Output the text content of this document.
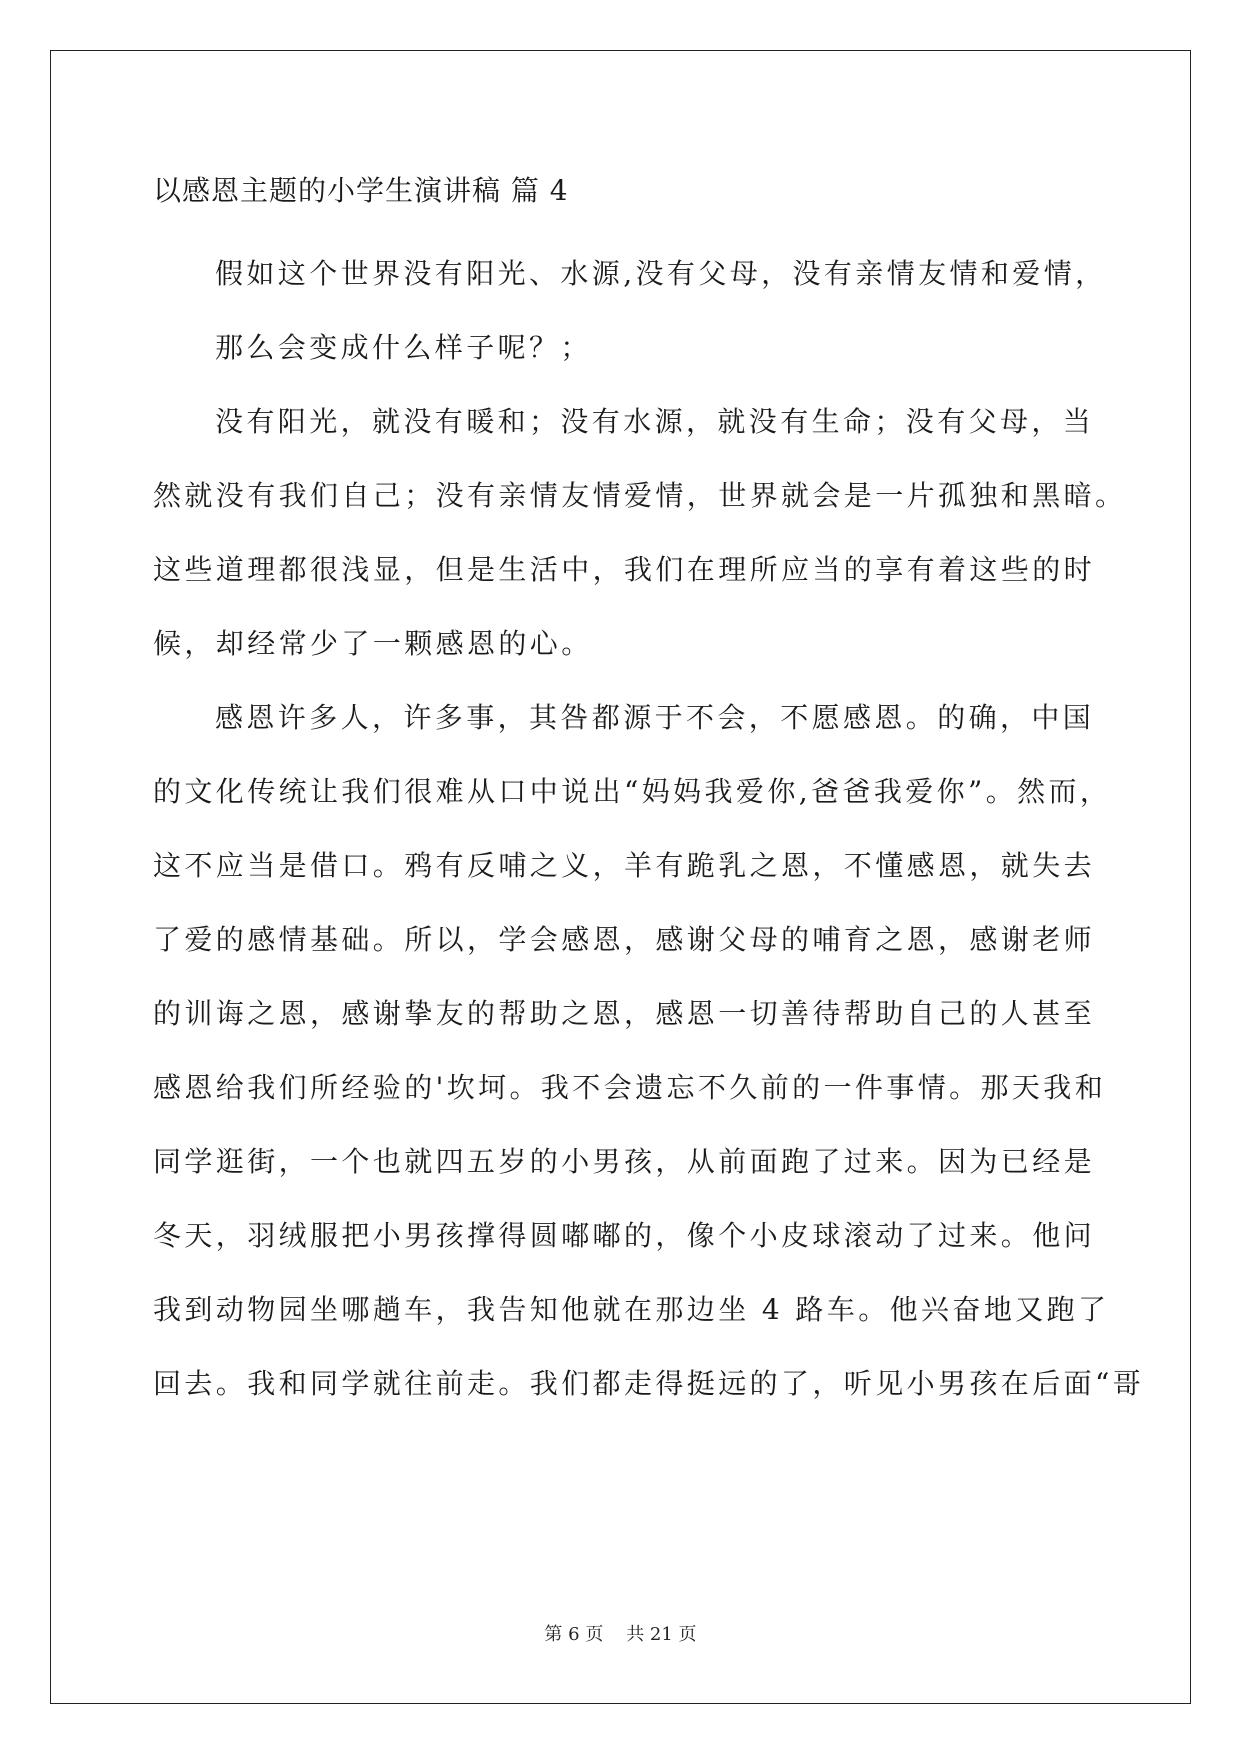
以感恩主题的小学生演讲稿 篇 4
假如这个世界没有阳光、水源,没有父母，没有亲情友情和爱情，
那么会变成什么样子呢？；
没有阳光，就没有暖和；没有水源，就没有生命；没有父母，当
然就没有我们自己；没有亲情友情爱情，世界就会是一片孤独和黑暗。
这些道理都很浅显，但是生活中，我们在理所应当的享有着这些的时
候，却经常少了一颗感恩的心。
感恩许多人，许多事，其咎都源于不会，不愿感恩。的确，中国
的文化传统让我们很难从口中说出“妈妈我爱你,爸爸我爱你”。然而，
这不应当是借口。鸦有反哺之义，羊有跪乳之恩，不懂感恩，就失去
了爱的感情基础。所以，学会感恩，感谢父母的哺育之恩，感谢老师
的训诲之恩，感谢挚友的帮助之恩，感恩一切善待帮助自己的人甚至
感恩给我们所经验的'坎坷。我不会遗忘不久前的一件事情。那天我和
同学逛街，一个也就四五岁的小男孩，从前面跑了过来。因为已经是
冬天，羽绒服把小男孩撑得圆嘟嘟的，像个小皮球滚动了过来。他问
我到动物园坐哪趟车，我告知他就在那边坐 4 路车。他兴奋地又跑了
回去。我和同学就往前走。我们都走得挺远的了，听见小男孩在后面“哥
第 6 页    共 21 页
